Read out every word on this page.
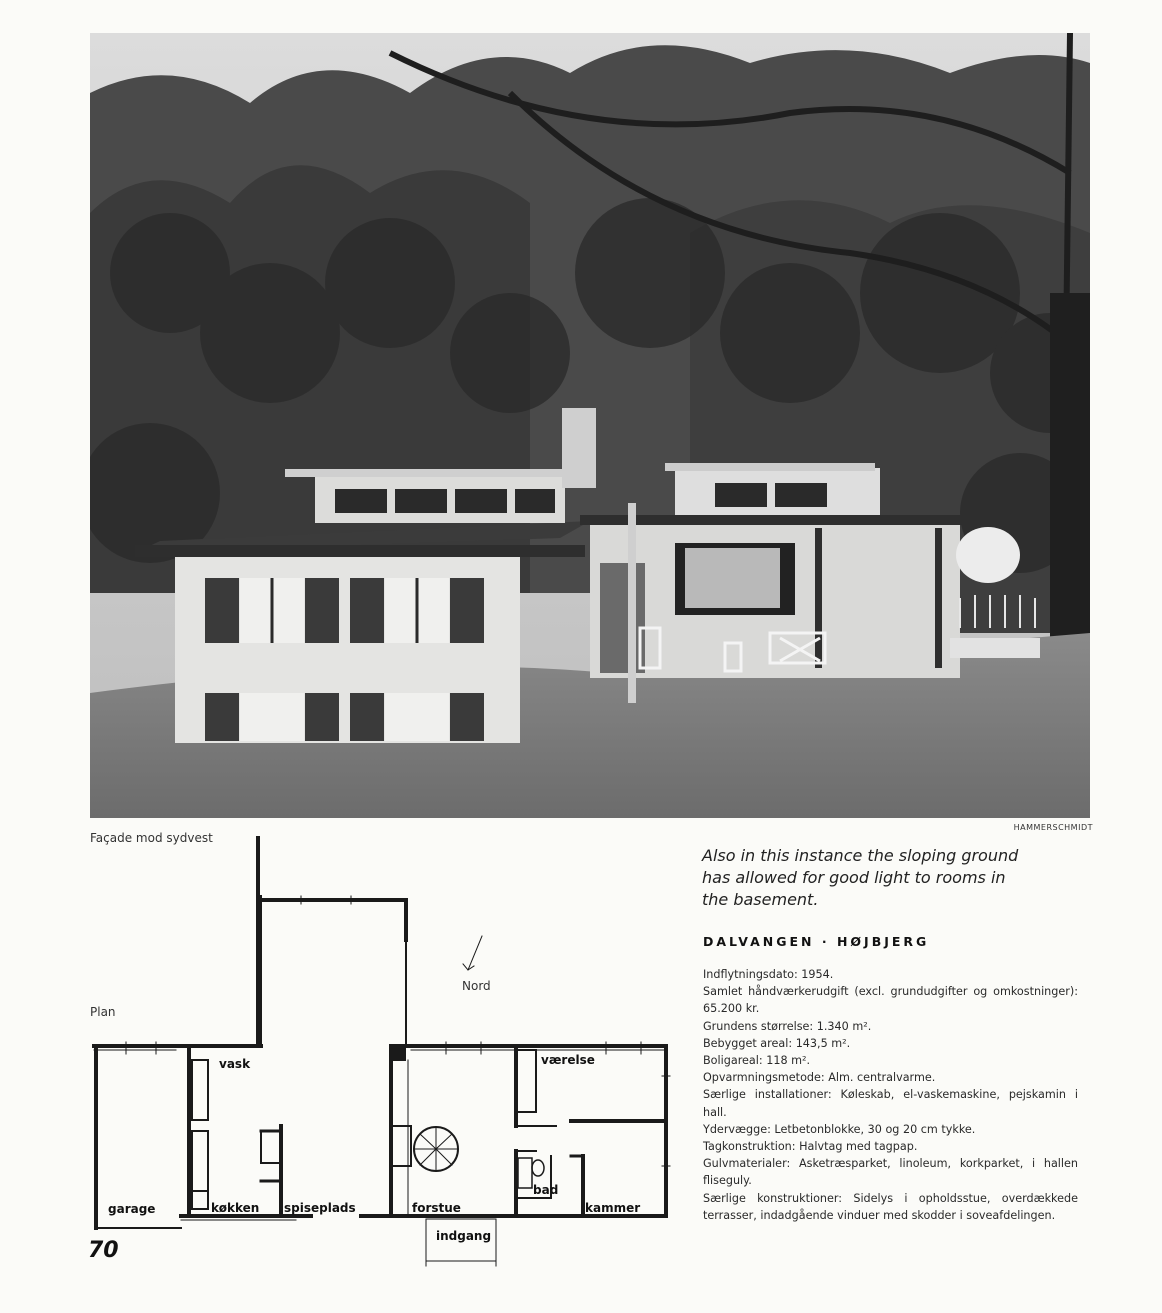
HAMMERSCHMIDT
Façade mod sydvest
Plan
Nord
vask	værelse
bad
garage	køkken spiseplads	forstue	kammer
indgang
70

Also in this instance the sloping ground has allowed for good light to rooms in the basement.

DALVANGEN · HØJBJERG
Indflytningsdato: 1954.
Samlet håndværkerudgift (excl. grundudgifter og omkostninger): 65.200 kr.
Grundens størrelse: 1.340 m².
Bebygget areal: 143,5 m².
Boligareal: 118 m².
Opvarmningsmetode: Alm. centralvarme.
Særlige installationer: Køleskab, el-vaskemaskine, pejskamin i hall.
Ydervægge: Letbetonblokke, 30 og 20 cm tykke.
Tagkonstruktion: Halvtag med tagpap.
Gulvmaterialer: Asketræsparket, linoleum, korkparket, i hallen fliseguly.
Særlige konstruktioner: Sidelys i opholdsstue, overdækkede terrasser, indadgående vinduer med skodder i soveafdelingen.
